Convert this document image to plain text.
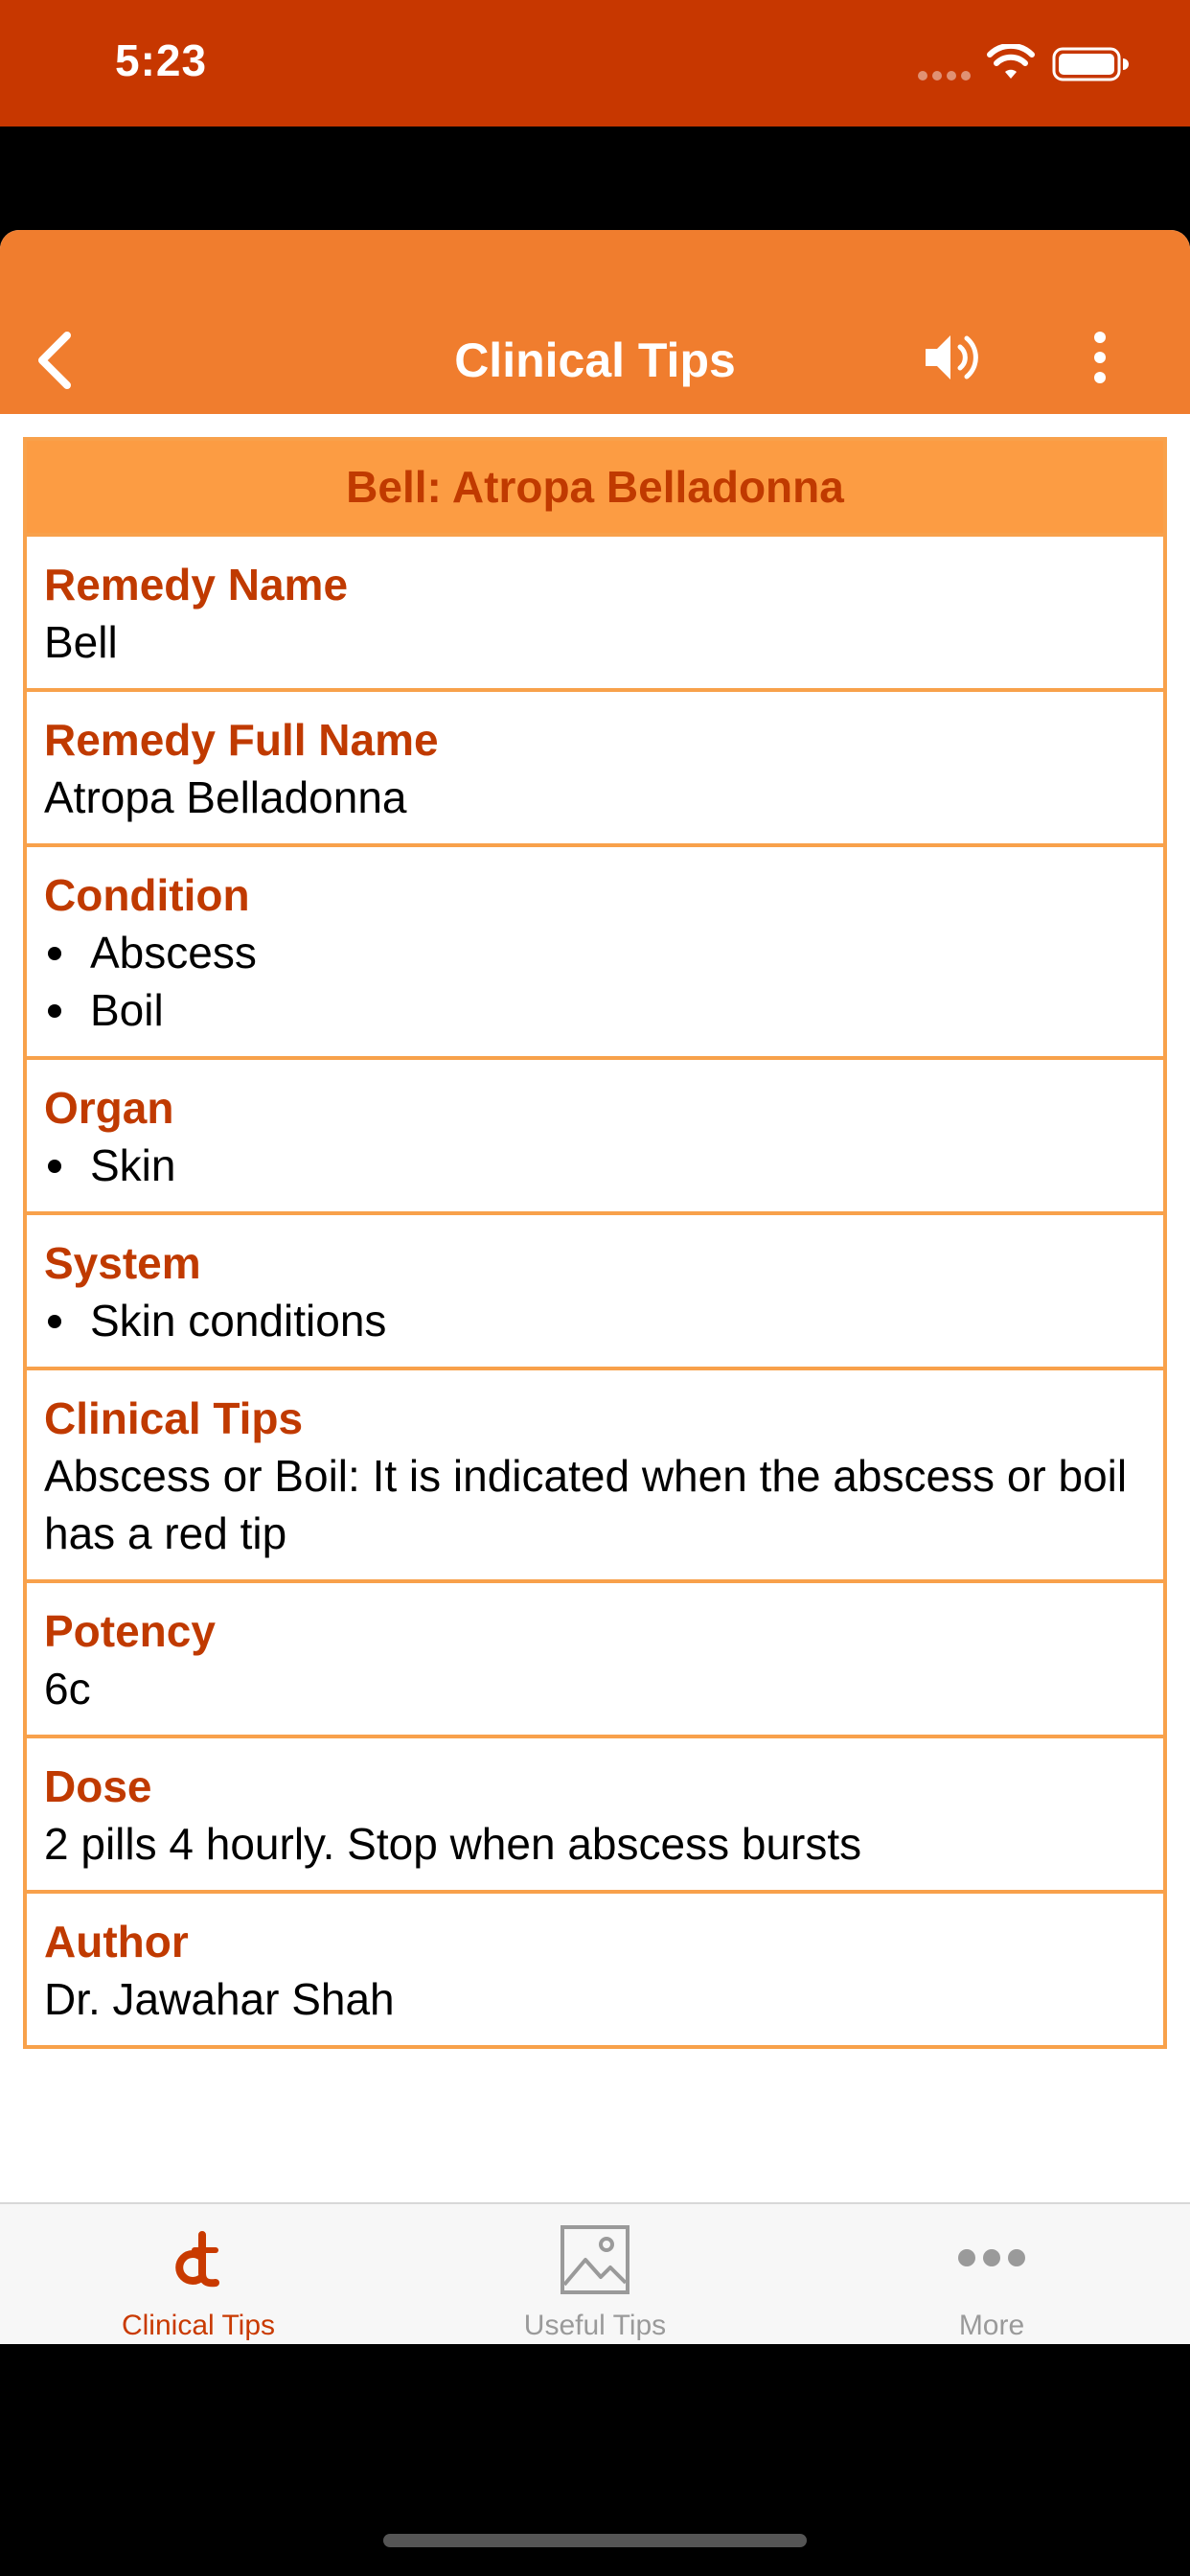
5:23
Clinical Tips
Bell: Atropa Belladonna
Remedy Name
Bell
Remedy Full Name
Atropa Belladonna
Condition
Abscess
Boil
Organ
Skin
System
Skin conditions
Clinical Tips
Abscess or Boil: It is indicated when the abscess or boil has a red tip
Potency
6c
Dose
2 pills 4 hourly. Stop when abscess bursts
Author
Dr. Jawahar Shah
Clinical Tips	Useful Tips	More
